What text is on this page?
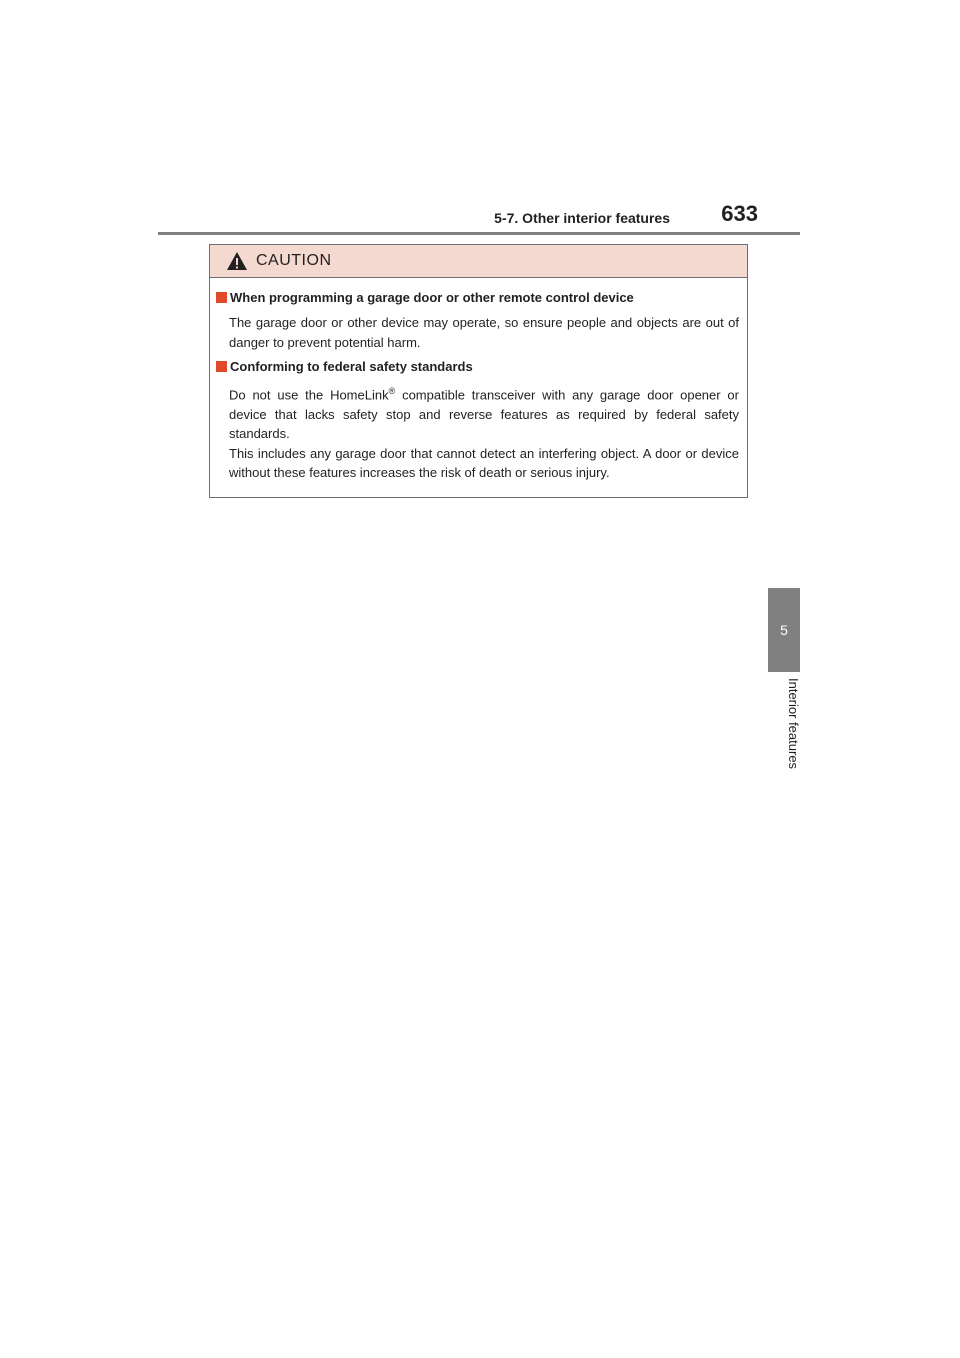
5-7. Other interior features	633
CAUTION
When programming a garage door or other remote control device

The garage door or other device may operate, so ensure people and objects are out of danger to prevent potential harm.

Conforming to federal safety standards

Do not use the HomeLink® compatible transceiver with any garage door opener or device that lacks safety stop and reverse features as required by federal safety standards.

This includes any garage door that cannot detect an interfering object. A door or device without these features increases the risk of death or serious injury.

5
Interior features
